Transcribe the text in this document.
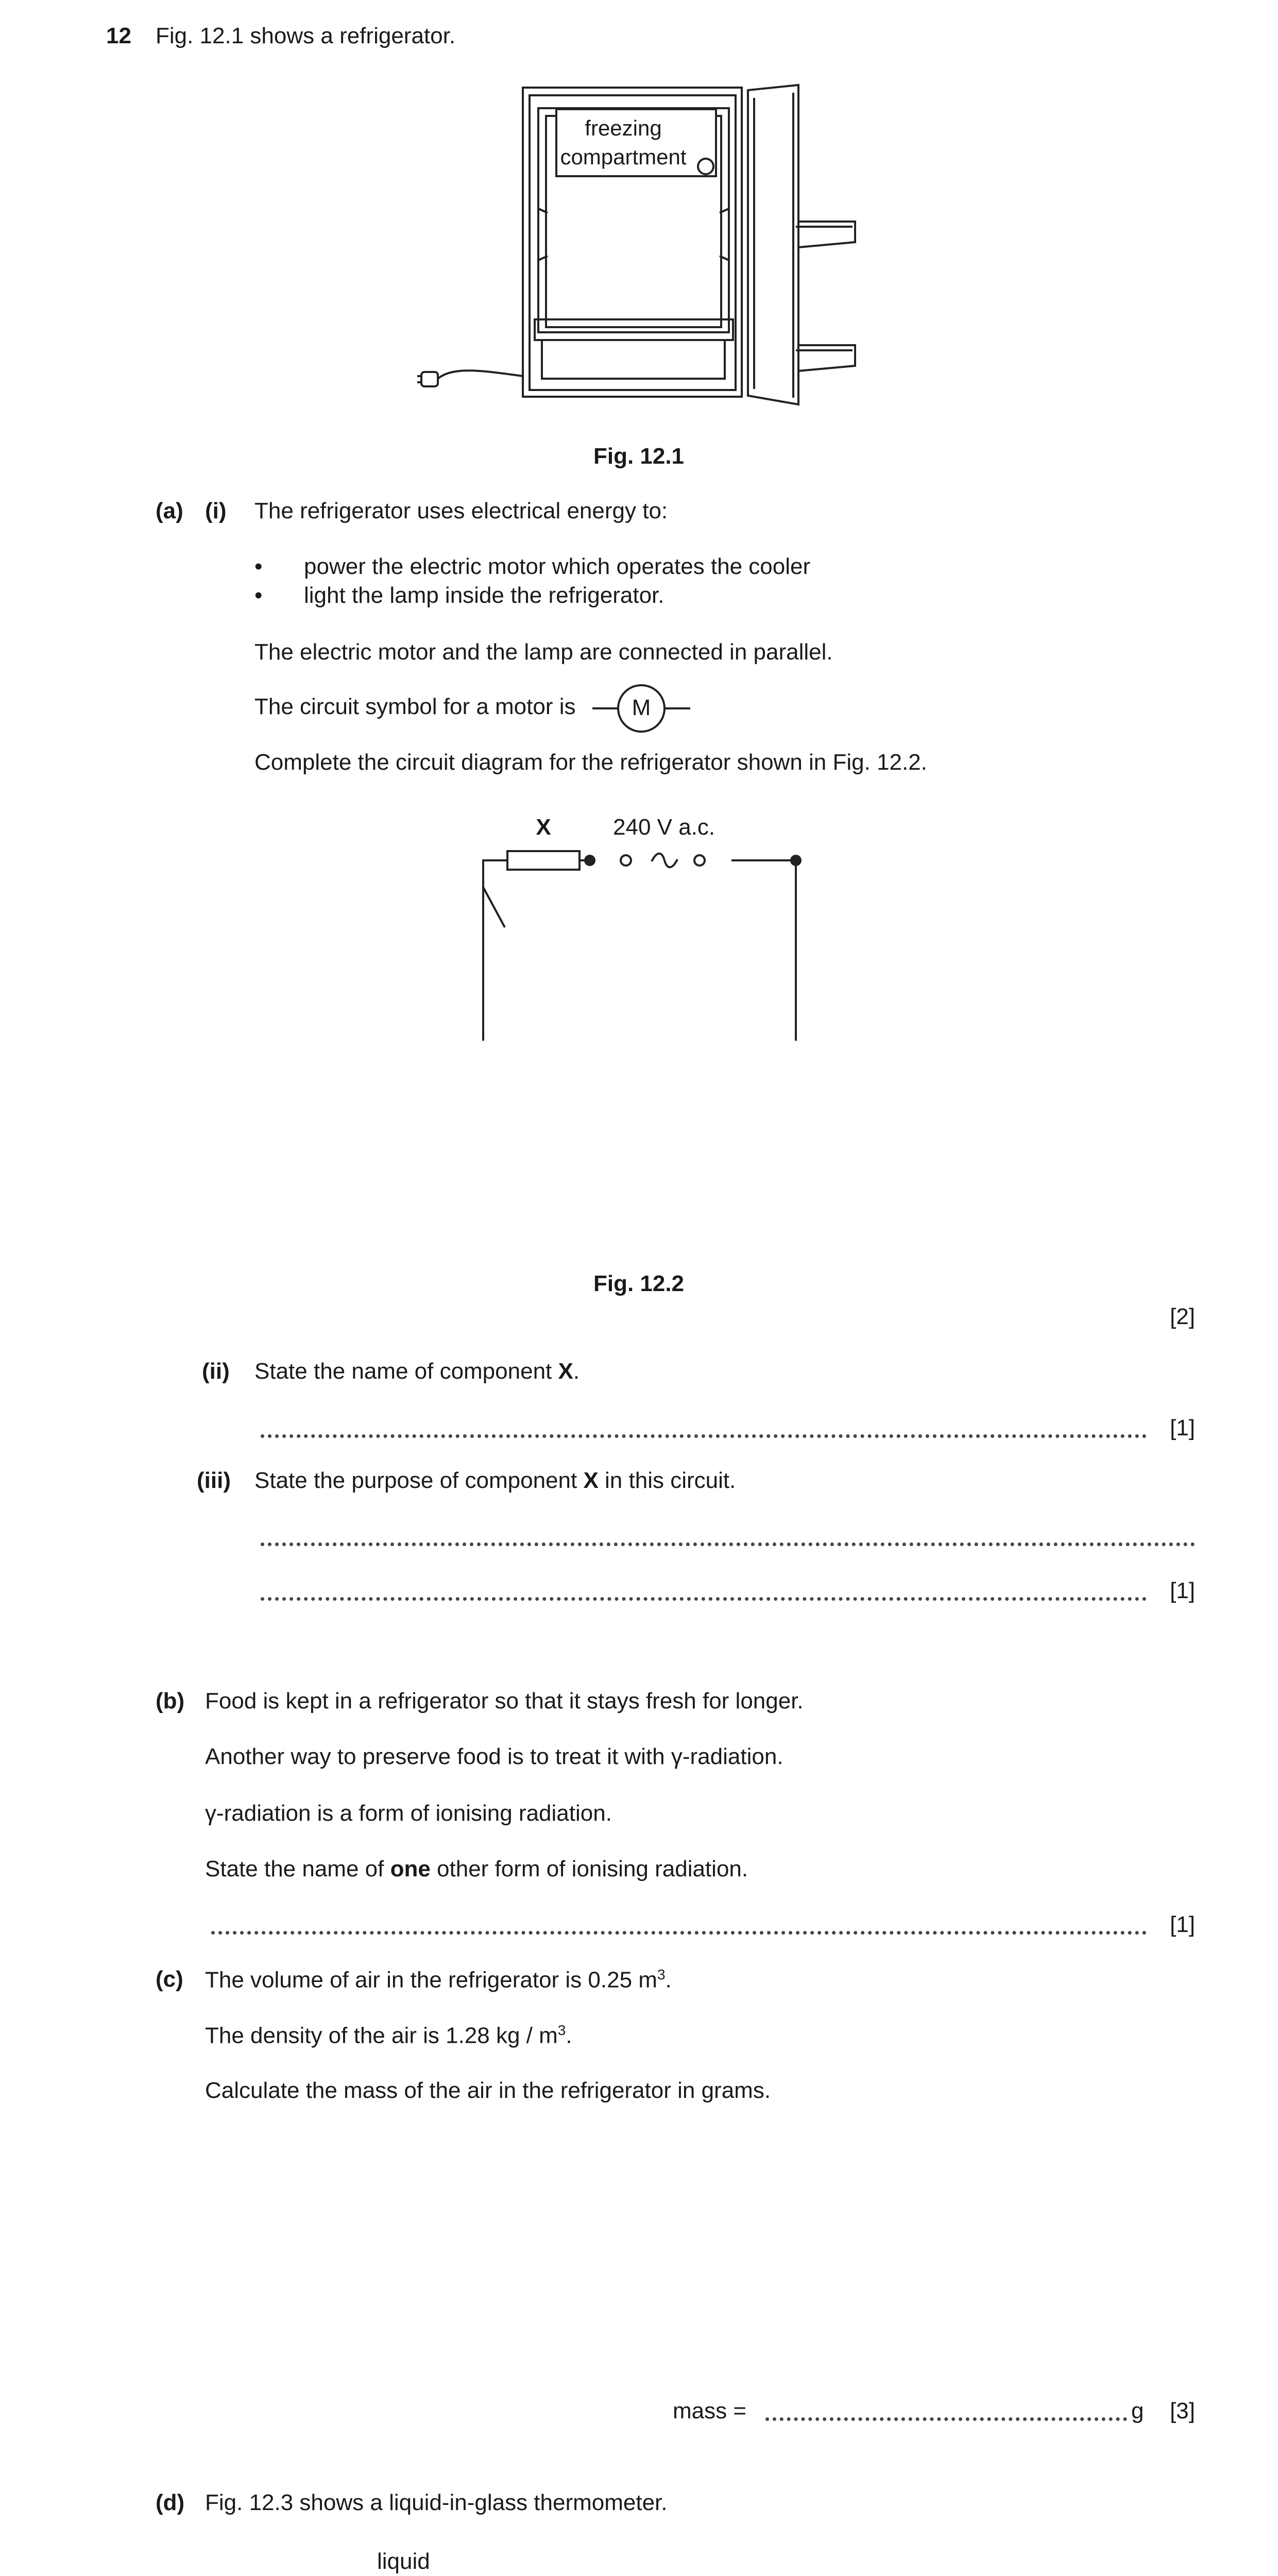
12 Fig. 12.1 shows a refrigerator.
freezing
compartment
Fig. 12.1
(a) (i) The refrigerator uses electrical energy to:
• power the electric motor which operates the cooler
• light the lamp inside the refrigerator.
The electric motor and the lamp are connected in parallel.
The circuit symbol for a motor is M
Complete the circuit diagram for the refrigerator shown in Fig. 12.2.
X	240 V a.c.
Fig. 12.2
[2]
(ii) State the name of component X.
[1]
(iii) State the purpose of component X in this circuit.
[1]
(b) Food is kept in a refrigerator so that it stays fresh for longer.
Another way to preserve food is to treat it with γ-radiation.
γ-radiation is a form of ionising radiation.
State the name of one other form of ionising radiation.
[1]
(c) The volume of air in the refrigerator is 0.25 $m^3$.
The density of the air is 1.28 kg / $m^3$.
Calculate the mass of the air in the refrigerator in grams.
mass =	g [3]
(d) Fig. 12.3 shows a liquid-in-glass thermometer.
liquid
